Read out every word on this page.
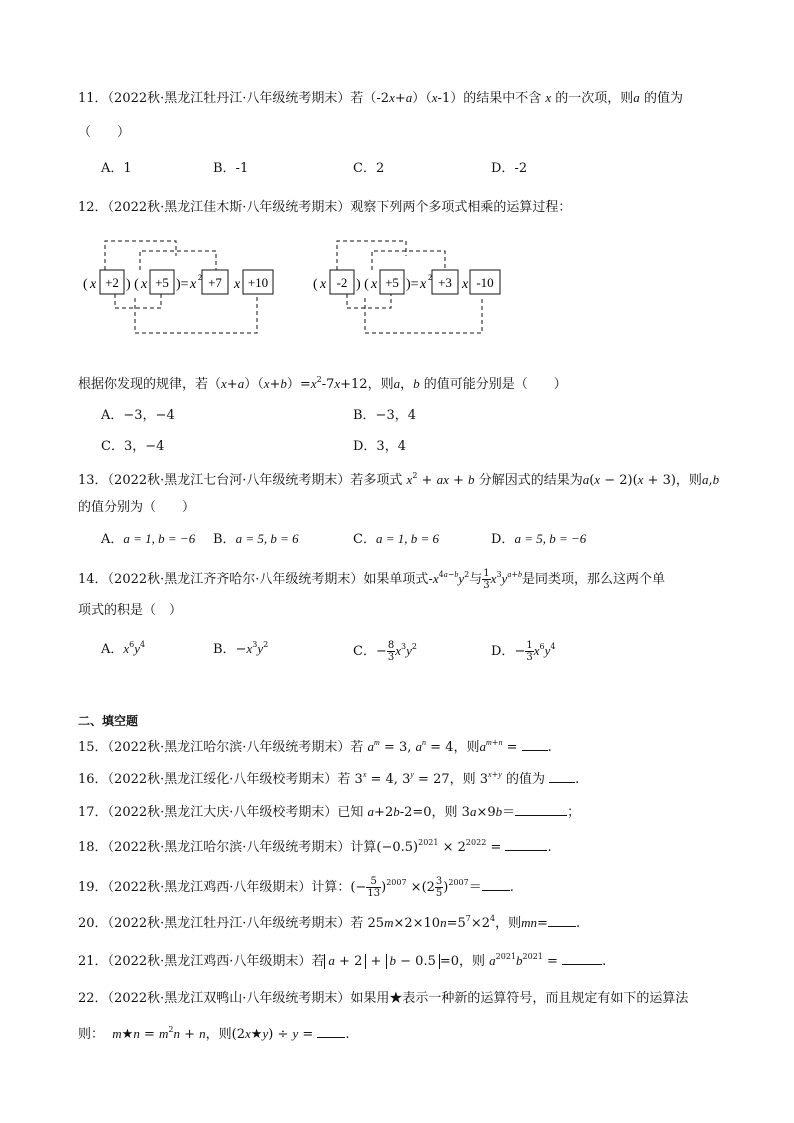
11．（2022秋·黑龙江牡丹江·八年级统考期末）若（-2x+a）（x-1）的结果中不含 x 的一次项，则a 的值为
（　　）
A．1	B．-1	C．2	D．-2
12．（2022秋·黑龙江佳木斯·八年级统考期末）观察下列两个多项式相乘的运算过程：
( x +2 ) ( x +5 )= x 2 +7 x +10	( x -2 ) ( x +5 )= x 2 +3 x -10
根据你发现的规律，若$(x+a)(x+b)=x^2-7x+12$，则a，b 的值可能分别是（　　）
A．−3，−4	B．−3，4
C．3，−4	D．3，4
13．（2022秋·黑龙江七台河·八年级统考期末）若多项式 $x^2$ + ax + b 分解因式的结果为a(x − 2)(x + 3)，则a,b
的值分别为（　　）
A．a = 1, b = −6 B．a = 5, b = 6	C．a = 1, b = 6	D．a = 5, b = −6
14．（2022秋·黑龙江齐齐哈尔·八年级统考期末）如果单项式$-x^{4a-b}y^2$与 $\frac{1}{3} x^3y^{a+b}$是同类项，那么这两个单
项式的积是（　）
A．$x^6y^4$	B．$-x^3y^2$	C．− $\frac{8}{3} x^3y^2$	D．− $\frac{1}{3} x^6y^4$
二、填空题
15．（2022秋·黑龙江哈尔滨·八年级统考期末）若 $a^m = 3$, $a^n = 4$，则$a^{m+n}$ = .
16．（2022秋·黑龙江绥化·八年级校考期末）若 $3^x = 4$, $3^y = 27$，则 $3^{x+y}$ 的值为 .
17．（2022秋·黑龙江大庆·八年级校考期末）已知 a+2b-2=0，则 3a×9b＝	；
18．（2022秋·黑龙江哈尔滨·八年级统考期末）计算$(-0.5)^{2021} \times 2^{2022}$ =	.
19．（2022秋·黑龙江鸡西·八年级期末）计算：(− $\frac{5}{13} )^{2007} \times(2 \frac{3}{5} )^{2007}=$ .
20．（2022秋·黑龙江牡丹江·八年级统考期末）若 $25m\times 2\times 10n=5^7\times 2^4$，则mn= .
21．（2022秋·黑龙江鸡西·八年级期末）若 a + 2 + b − 0.5 =0，则 $a^{2021}b^{2021}$ =	.
22．（2022秋·黑龙江双鸭山·八年级统考期末）如果用★表示一种新的运算符号，而且规定有如下的运算法
则： m★n = $m^2n + n$，则(2x★y) ÷ y = .
